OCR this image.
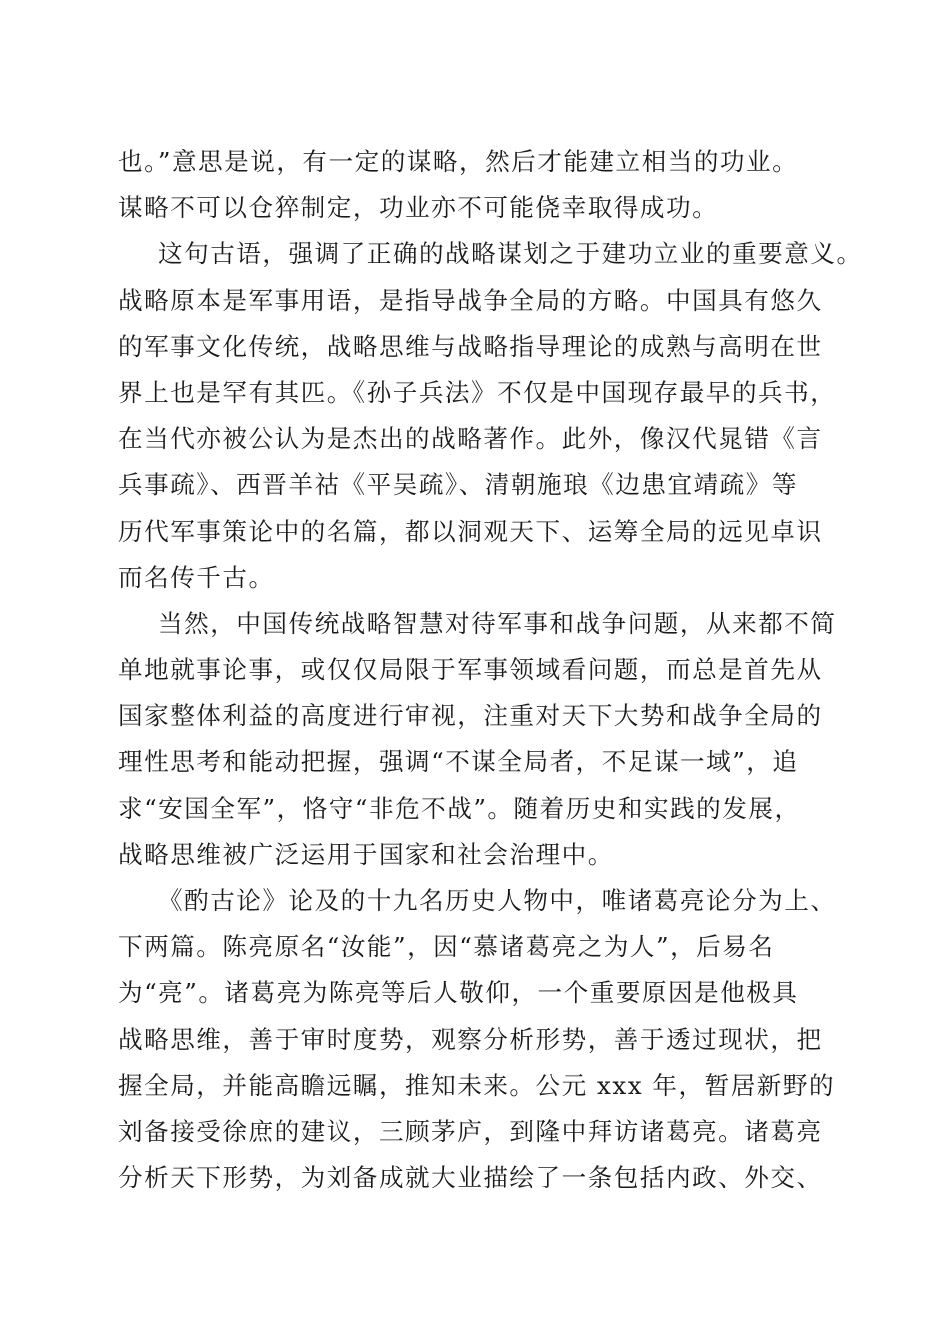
也。”意思是说，有一定的谋略，然后才能建立相当的功业。
谋略不可以仓猝制定，功业亦不可能侥幸取得成功。
这句古语，强调了正确的战略谋划之于建功立业的重要意义。
战略原本是军事用语，是指导战争全局的方略。中国具有悠久
的军事文化传统，战略思维与战略指导理论的成熟与高明在世
界上也是罕有其匹。《孙子兵法》不仅是中国现存最早的兵书，
在当代亦被公认为是杰出的战略著作。此外，像汉代晁错《言
兵事疏》、西晋羊祜《平吴疏》、清朝施琅《边患宜靖疏》等
历代军事策论中的名篇，都以洞观天下、运筹全局的远见卓识
而名传千古。
当然，中国传统战略智慧对待军事和战争问题，从来都不简
单地就事论事，或仅仅局限于军事领域看问题，而总是首先从
国家整体利益的高度进行审视，注重对天下大势和战争全局的
理性思考和能动把握，强调“不谋全局者，不足谋一域”，追
求“安国全军”，恪守“非危不战”。随着历史和实践的发展，
战略思维被广泛运用于国家和社会治理中。
《酌古论》论及的十九名历史人物中，唯诸葛亮论分为上、
下两篇。陈亮原名“汝能”，因“慕诸葛亮之为人”，后易名
为“亮”。诸葛亮为陈亮等后人敬仰，一个重要原因是他极具
战略思维，善于审时度势，观察分析形势，善于透过现状，把
握全局，并能高瞻远瞩，推知未来。公元 xxx 年，暂居新野的
刘备接受徐庶的建议，三顾茅庐，到隆中拜访诸葛亮。诸葛亮
分析天下形势，为刘备成就大业描绘了一条包括内政、外交、
